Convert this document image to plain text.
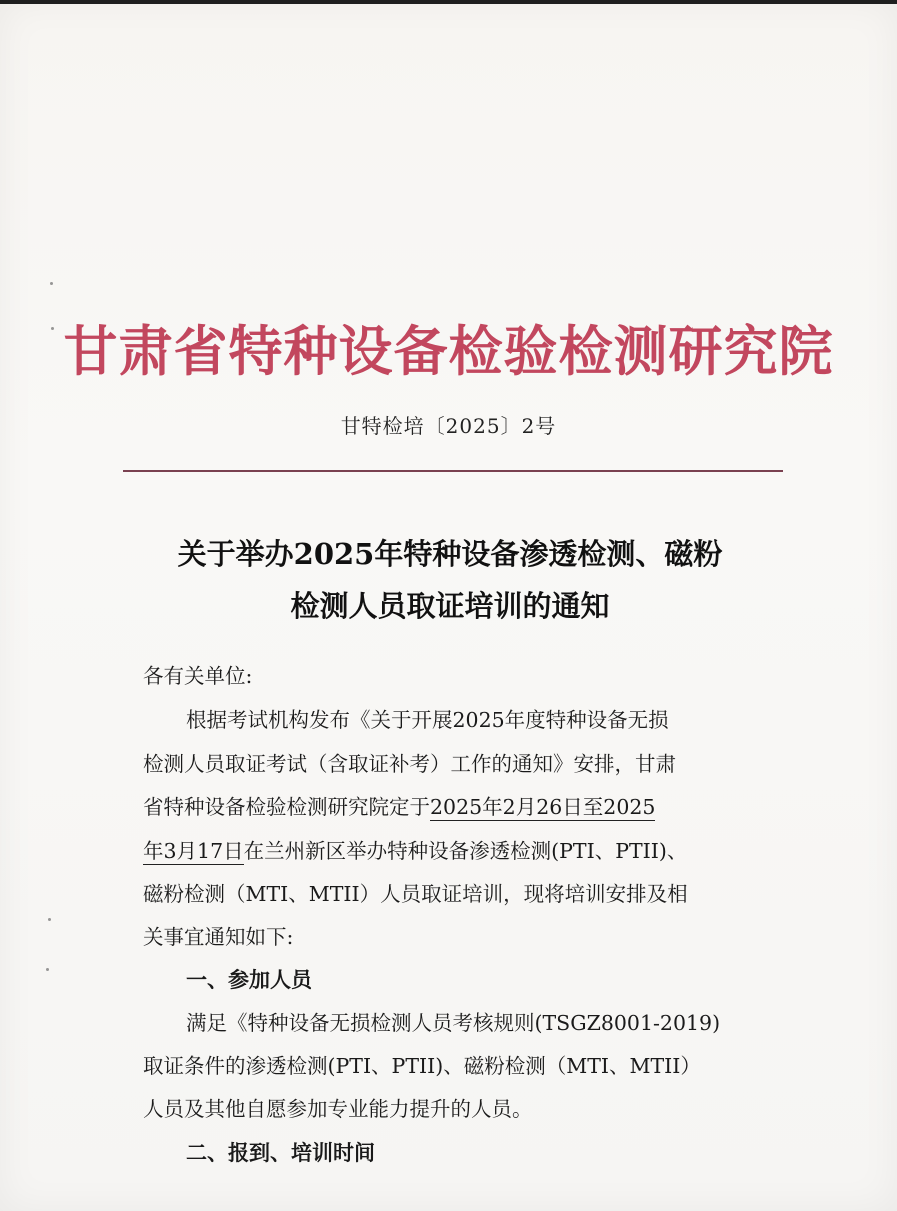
甘肃省特种设备检验检测研究院
甘特检培〔2025〕2号
关于举办2025年特种设备渗透检测、磁粉
检测人员取证培训的通知
各有关单位:
根据考试机构发布《关于开展2025年度特种设备无损
检测人员取证考试（含取证补考）工作的通知》安排，甘肃
省特种设备检验检测研究院定于2025年2月26日至2025
年3月17日在兰州新区举办特种设备渗透检测(PTI、PTII)、
磁粉检测（MTI、MTII）人员取证培训，现将培训安排及相
关事宜通知如下:
一、参加人员
满足《特种设备无损检测人员考核规则(TSGZ8001-2019)
取证条件的渗透检测(PTI、PTII)、磁粉检测（MTI、MTII）
人员及其他自愿参加专业能力提升的人员。
二、报到、培训时间
